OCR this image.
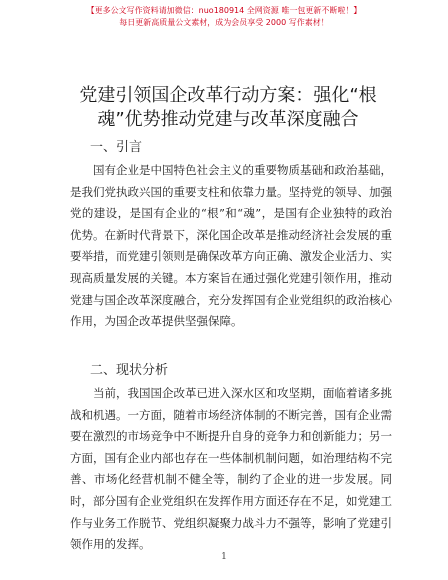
【更多公文写作资料请加微信：nuo180914 全网资源 唯一包更新不断啦！】
每日更新高质量公文素材，成为会员享受 2000 写作素材！
党建引领国企改革行动方案：强化“根魂”优势推动党建与改革深度融合
一、引言
国有企业是中国特色社会主义的重要物质基础和政治基础，是我们党执政兴国的重要支柱和依靠力量。坚持党的领导、加强党的建设，是国有企业的“根”和“魂”，是国有企业独特的政治优势。在新时代背景下，深化国企改革是推动经济社会发展的重要举措，而党建引领则是确保改革方向正确、激发企业活力、实现高质量发展的关键。本方案旨在通过强化党建引领作用，推动党建与国企改革深度融合，充分发挥国有企业党组织的政治核心作用，为国企改革提供坚强保障。
二、现状分析
当前，我国国企改革已进入深水区和攻坚期，面临着诸多挑战和机遇。一方面，随着市场经济体制的不断完善，国有企业需要在激烈的市场竞争中不断提升自身的竞争力和创新能力；另一方面，国有企业内部也存在一些体制机制问题，如治理结构不完善、市场化经营机制不健全等，制约了企业的进一步发展。同时，部分国有企业党组织在发挥作用方面还存在不足，如党建工作与业务工作脱节、党组织凝聚力战斗力不强等，影响了党建引领作用的发挥。
1
